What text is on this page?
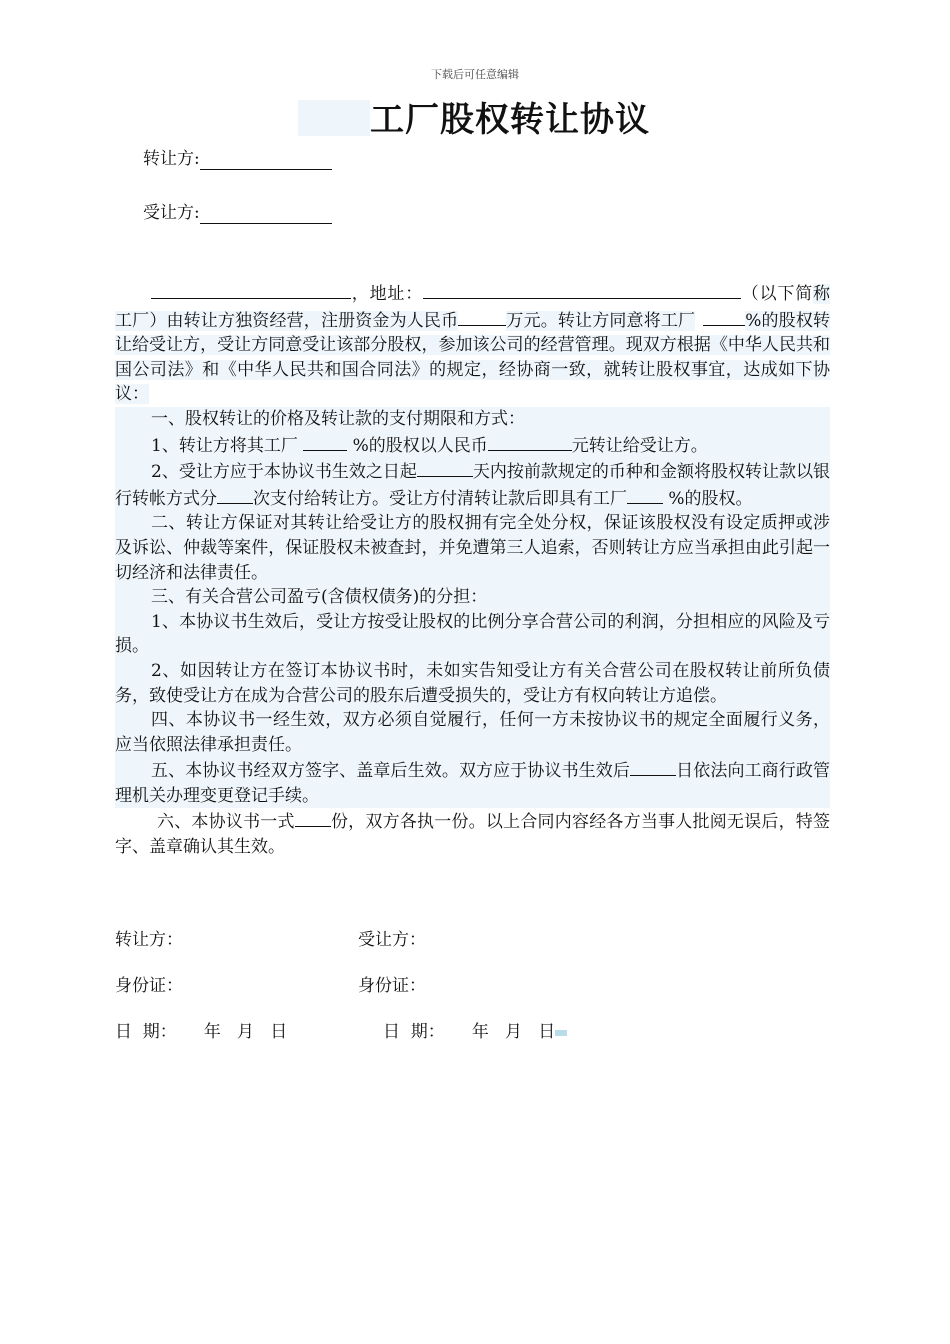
下载后可任意编辑
工厂股权转让协议
转让方:
受让方:

，地址：	（以下简称工厂）由转让方独资经营，注册资金为人民币	万元。转让方同意将工厂	%的股权转让给受让方，受让方同意受让该部分股权，参加该公司的经营管理。现双方根据《中华人民共和国公司法》和《中华人民共和国合同法》的规定，经协商一致，就转让股权事宜，达成如下协议：

一、股权转让的价格及转让款的支付期限和方式：

1、转让方将其工厂	%的股权以人民币	元转让给受让方。

2、受让方应于本协议书生效之日起	天内按前款规定的币种和金额将股权转让款以银行转帐方式分 次支付给转让方。受让方付清转让款后即具有工厂 %的股权。

二、转让方保证对其转让给受让方的股权拥有完全处分权，保证该股权没有设定质押或涉及诉讼、仲裁等案件，保证股权未被查封，并免遭第三人追索，否则转让方应当承担由此引起一切经济和法律责任。

三、有关合营公司盈亏(含债权债务)的分担：

1、本协议书生效后，受让方按受让股权的比例分享合营公司的利润，分担相应的风险及亏损。

2、如因转让方在签订本协议书时，未如实告知受让方有关合营公司在股权转让前所负债务，致使受让方在成为合营公司的股东后遭受损失的，受让方有权向转让方追偿。

四、本协议书一经生效，双方必须自觉履行，任何一方未按协议书的规定全面履行义务，应当依照法律承担责任。

五、本协议书经双方签字、盖章后生效。双方应于协议书生效后	日依法向工商行政管理机关办理变更登记手续。

六、本协议书一式 份，双方各执一份。以上合同内容经各方当事人批阅无误后，特签字、盖章确认其生效。

转让方：	受让方：
身份证：	身份证：
日  期：     年   月   日	日  期：     年   月   日
